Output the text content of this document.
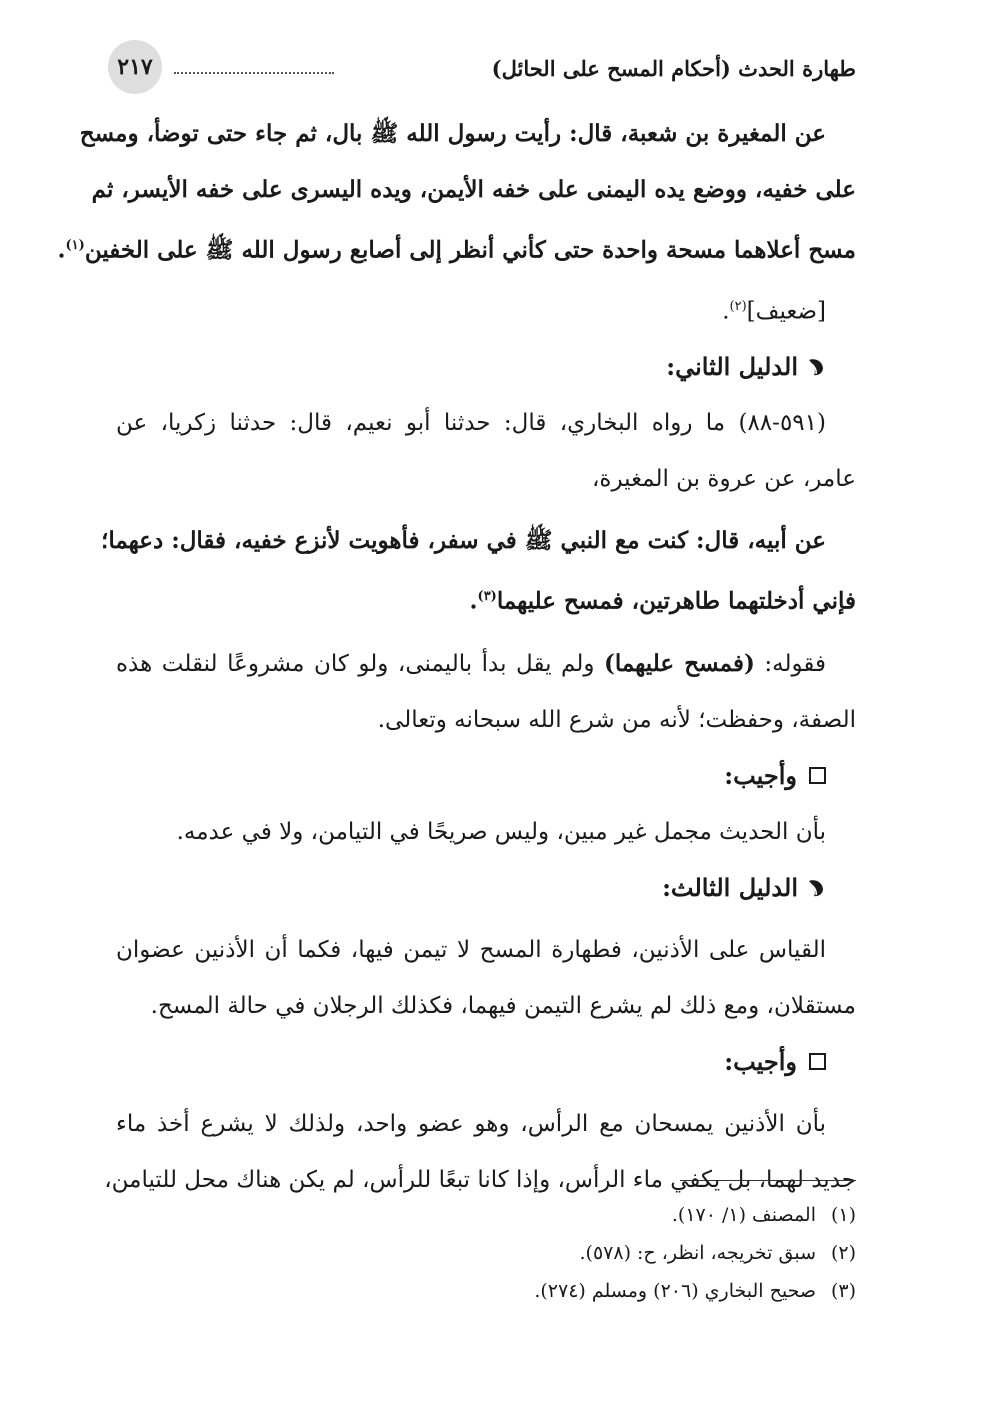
طهارة الحدث (أحكام المسح على الحائل)
٢١٧
عن المغيرة بن شعبة، قال: رأيت رسول الله ﷺ بال، ثم جاء حتى توضأ، ومسح
على خفيه، ووضع يده اليمنى على خفه الأيمن، ويده اليسرى على خفه الأيسر، ثم
مسح أعلاهما مسحة واحدة حتى كأني أنظر إلى أصابع رسول الله ﷺ على الخفين$^{(١)}$.
[ضعيف]$^{(٢)}$.
الدليل الثاني:
(٥٩١-٨٨) ما رواه البخاري، قال: حدثنا أبو نعيم، قال: حدثنا زكريا، عن
عامر، عن عروة بن المغيرة،
عن أبيه، قال: كنت مع النبي ﷺ في سفر، فأهويت لأنزع خفيه، فقال: دعهما؛
فإني أدخلتهما طاهرتين، فمسح عليهما$^{(٣)}$.
فقوله: (فمسح عليهما) ولم يقل بدأ باليمنى، ولو كان مشروعًا لنقلت هذه
الصفة، وحفظت؛ لأنه من شرع الله سبحانه وتعالى.
وأجيب:
بأن الحديث مجمل غير مبين، وليس صريحًا في التيامن، ولا في عدمه.
الدليل الثالث:
القياس على الأذنين، فطهارة المسح لا تيمن فيها، فكما أن الأذنين عضوان
مستقلان، ومع ذلك لم يشرع التيمن فيهما، فكذلك الرجلان في حالة المسح.
وأجيب:
بأن الأذنين يمسحان مع الرأس، وهو عضو واحد، ولذلك لا يشرع أخذ ماء
جديد لهما، بل يكفي ماء الرأس، وإذا كانا تبعًا للرأس، لم يكن هناك محل للتيامن،
(١)المصنف (١/ ١٧٠).
(٢)سبق تخريجه، انظر، ح: (٥٧٨).
(٣)صحيح البخاري (٢٠٦) ومسلم (٢٧٤).
